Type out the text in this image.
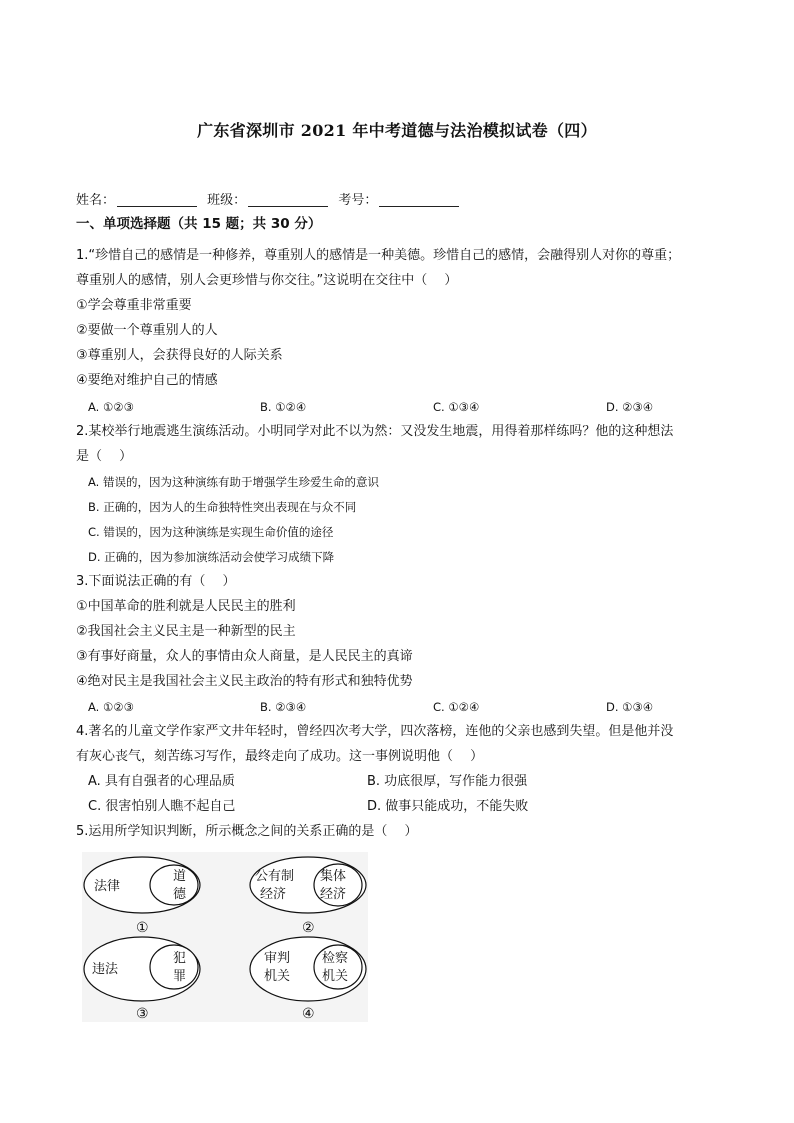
广东省深圳市 2021 年中考道德与法治模拟试卷（四）
姓名：	班级：	考号：
一、单项选择题（共 15 题；共 30 分）
1.“珍惜自己的感情是一种修养，尊重别人的感情是一种美德。珍惜自己的感情，会融得别人对你的尊重；
尊重别人的感情，别人会更珍惜与你交往。”这说明在交往中（　 ）
①学会尊重非常重要
②要做一个尊重别人的人
③尊重别人，会获得良好的人际关系
④要绝对维护自己的情感
A. ①②③	B. ①②④	C. ①③④	D. ②③④
2.某校举行地震逃生演练活动。小明同学对此不以为然：又没发生地震，用得着那样练吗？他的这种想法
是（　 ）
A. 错误的，因为这种演练有助于增强学生珍爱生命的意识
B. 正确的，因为人的生命独特性突出表现在与众不同
C. 错误的，因为这种演练是实现生命价值的途径
D. 正确的，因为参加演练活动会使学习成绩下降
3.下面说法正确的有（　 ）
①中国革命的胜利就是人民民主的胜利
②我国社会主义民主是一种新型的民主
③有事好商量，众人的事情由众人商量，是人民民主的真谛
④绝对民主是我国社会主义民主政治的特有形式和独特优势
A. ①②③	B. ②③④	C. ①②④	D. ①③④
4.著名的儿童文学作家严文井年轻时，曾经四次考大学，四次落榜，连他的父亲也感到失望。但是他并没
有灰心丧气，刻苦练习写作，最终走向了成功。这一事例说明他（　 ）
A. 具有自强者的心理品质	B. 功底很厚，写作能力很强
C. 很害怕别人瞧不起自己	D. 做事只能成功，不能失败
5.运用所学知识判断，所示概念之间的关系正确的是（　 ）
法律
道
德
①
公有制
经济
集体
经济
②
违法
犯
罪
③
审判
机关
检察
机关
④
